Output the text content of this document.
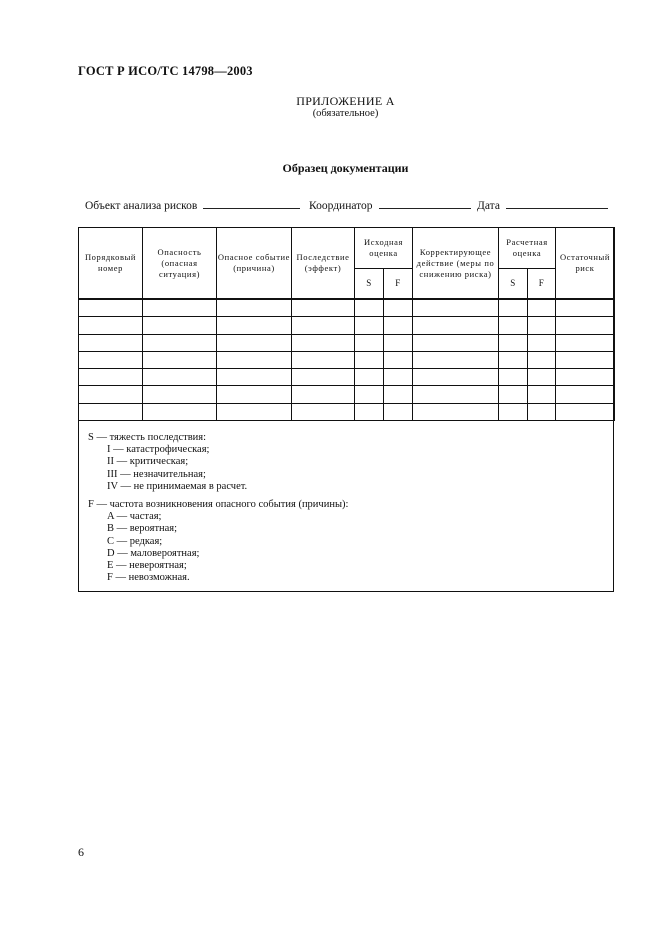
ГОСТ Р ИСО/ТС 14798—2003
ПРИЛОЖЕНИЕ А
(обязательное)
Образец документации
Объект анализа рисков	Координатор	Дата
Порядковый номер	Опасность (опасная ситуация)	Опасное событие (причина)	Последствие (эффект)	Исходная оценка		Корректирующее действие (меры по снижению риска)	Расчетная оценка		Остаточный риск
				S	F		S	F	

S — тяжесть последствия:
I — катастрофическая;
II — критическая;
III — незначительная;
IV — не принимаемая в расчет.
F — частота возникновения опасного события (причины):
A — частая;
B — вероятная;
C — редкая;
D — маловероятная;
E — невероятная;
F — невозможная.
6
